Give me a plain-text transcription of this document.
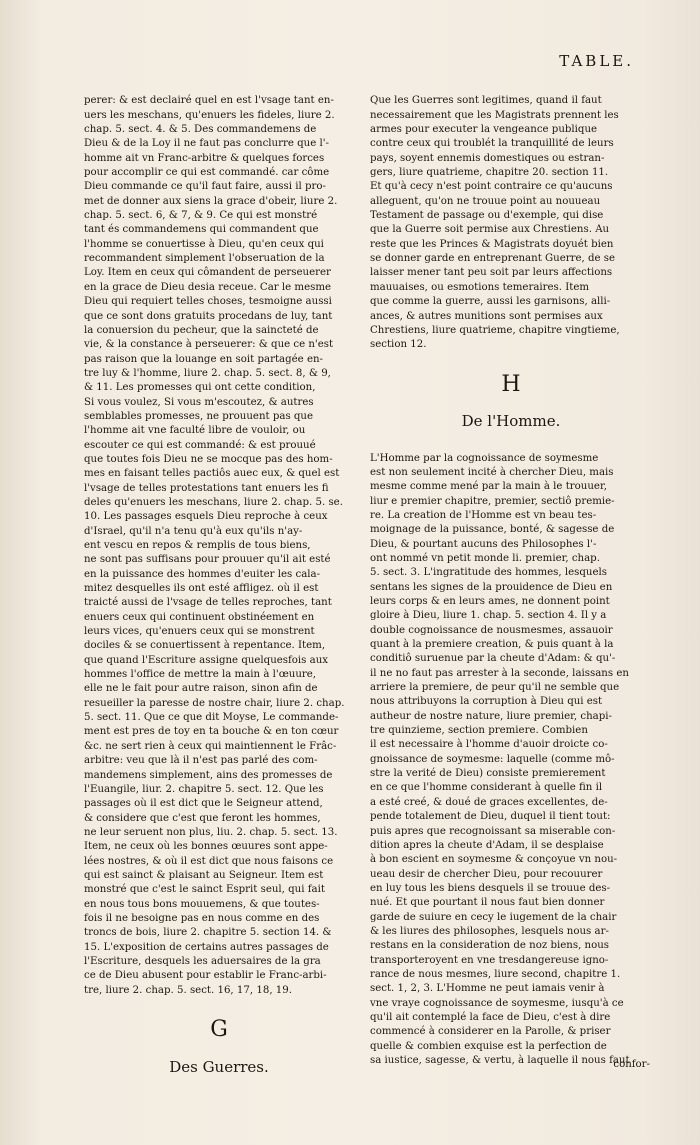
TABLE.

perer: & est declairé quel en est l'vsage tant en-
uers les meschans, qu'enuers les fideles, liure 2.
chap. 5. sect. 4. & 5. Des commandemens de
Dieu & de la Loy il ne faut pas conclurre que l'-
homme ait vn Franc-arbitre & quelques forces
pour accomplir ce qui est commandé. car côme
Dieu commande ce qu'il faut faire, aussi il pro-
met de donner aux siens la grace d'obeir, liure 2.
chap. 5. sect. 6, & 7, & 9. Ce qui est monstré
tant és commandemens qui commandent que
l'homme se conuertisse à Dieu, qu'en ceux qui
recommandent simplement l'obseruation de la
Loy. Item en ceux qui cômandent de perseuerer
en la grace de Dieu desia receue. Car le mesme
Dieu qui requiert telles choses, tesmoigne aussi
que ce sont dons gratuits procedans de luy, tant
la conuersion du pecheur, que la saincteté de
vie, & la constance à perseuerer: & que ce n'est
pas raison que la louange en soit partagée en-
tre luy & l'homme, liure 2. chap. 5. sect. 8, & 9,
& 11. Les promesses qui ont cette condition,
Si vous voulez, Si vous m'escoutez, & autres
semblables promesses, ne prouuent pas que
l'homme ait vne faculté libre de vouloir, ou
escouter ce qui est commandé: & est prouué
que toutes fois Dieu ne se mocque pas des hom-
mes en faisant telles pactiôs auec eux, & quel est
l'vsage de telles protestations tant enuers les fi
deles qu'enuers les meschans, liure 2. chap. 5. se.
10. Les passages esquels Dieu reproche à ceux
d'Israel, qu'il n'a tenu qu'à eux qu'ils n'ay-
ent vescu en repos & remplis de tous biens,
ne sont pas suffisans pour prouuer qu'il ait esté
en la puissance des hommes d'euiter les cala-
mitez desquelles ils ont esté affligez. où il est
traicté aussi de l'vsage de telles reproches, tant
enuers ceux qui continuent obstinéement en
leurs vices, qu'enuers ceux qui se monstrent
dociles & se conuertissent à repentance. Item,
que quand l'Escriture assigne quelquesfois aux
hommes l'office de mettre la main à l'œuure,
elle ne le fait pour autre raison, sinon afin de
resueiller la paresse de nostre chair, liure 2. chap.
5. sect. 11. Que ce que dit Moyse, Le commande-
ment est pres de toy en ta bouche & en ton cœur
&c. ne sert rien à ceux qui maintiennent le Frâc-
arbitre: veu que là il n'est pas parlé des com-
mandemens simplement, ains des promesses de
l'Euangile, liur. 2. chapitre 5. sect. 12. Que les
passages où il est dict que le Seigneur attend,
& considere que c'est que feront les hommes,
ne leur seruent non plus, liu. 2. chap. 5. sect. 13.
Item, ne ceux où les bonnes œuures sont appe-
lées nostres, & où il est dict que nous faisons ce
qui est sainct & plaisant au Seigneur. Item est
monstré que c'est le sainct Esprit seul, qui fait
en nous tous bons mouuemens, & que toutes-
fois il ne besoigne pas en nous comme en des
troncs de bois, liure 2. chapitre 5. section 14. &
15. L'exposition de certains autres passages de
l'Escriture, desquels les aduersaires de la gra
ce de Dieu abusent pour establir le Franc-arbi-
tre, liure 2. chap. 5. sect. 16, 17, 18, 19.

G

Des Guerres.

Que les Guerres sont legitimes, quand il faut
necessairement que les Magistrats prennent les
armes pour executer la vengeance publique
contre ceux qui troublét la tranquillité de leurs
pays, soyent ennemis domestiques ou estran-
gers, liure quatrieme, chapitre 20. section 11.
Et qu'à cecy n'est point contraire ce qu'aucuns
alleguent, qu'on ne trouue point au nouueau
Testament de passage ou d'exemple, qui dise
que la Guerre soit permise aux Chrestiens. Au
reste que les Princes & Magistrats doyuét bien
se donner garde en entreprenant Guerre, de se
laisser mener tant peu soit par leurs affections
mauuaises, ou esmotions temeraires. Item
que comme la guerre, aussi les garnisons, alli-
ances, & autres munitions sont permises aux
Chrestiens, liure quatrieme, chapitre vingtieme,
section 12.

H

De l'Homme.

L'Homme par la cognoissance de soymesme
est non seulement incité à chercher Dieu, mais
mesme comme mené par la main à le trouuer,
liur e premier chapitre, premier, sectiô premie-
re. La creation de l'Homme est vn beau tes-
moignage de la puissance, bonté, & sagesse de
Dieu, & pourtant aucuns des Philosophes l'-
ont nommé vn petit monde li. premier, chap.
5. sect. 3. L'ingratitude des hommes, lesquels
sentans les signes de la prouidence de Dieu en
leurs corps & en leurs ames, ne donnent point
gloire à Dieu, liure 1. chap. 5. section 4. Il y a
double cognoissance de nousmesmes, assauoir
quant à la premiere creation, & puis quant à la
conditiô suruenue par la cheute d'Adam: & qu'-
il ne no faut pas arrester à la seconde, laissans en
arriere la premiere, de peur qu'il ne semble que
nous attribuyons la corruption à Dieu qui est
autheur de nostre nature, liure premier, chapi-
tre quinzieme, section premiere. Combien
il est necessaire à l'homme d'auoir droicte co-
gnoissance de soymesme: laquelle (comme mô-
stre la verité de Dieu) consiste premierement
en ce que l'homme considerant à quelle fin il
a esté creé, & doué de graces excellentes, de-
pende totalement de Dieu, duquel il tient tout:
puis apres que recognoissant sa miserable con-
dition apres la cheute d'Adam, il se desplaise
à bon escient en soymesme & conçoyue vn nou-
ueau desir de chercher Dieu, pour recouurer
en luy tous les biens desquels il se trouue des-
nué. Et que pourtant il nous faut bien donner
garde de suiure en cecy le iugement de la chair
& les liures des philosophes, lesquels nous ar-
restans en la consideration de noz biens, nous
transporteroyent en vne tresdangereuse igno-
rance de nous mesmes, liure second, chapitre 1.
sect. 1, 2, 3. L'Homme ne peut iamais venir à
vne vraye cognoissance de soymesme, iusqu'à ce
qu'il ait contemplé la face de Dieu, c'est à dire
commencé à considerer en la Parolle, & priser
quelle & combien exquise est la perfection de
sa iustice, sagesse, & vertu, à laquelle il nous faut

confor-
